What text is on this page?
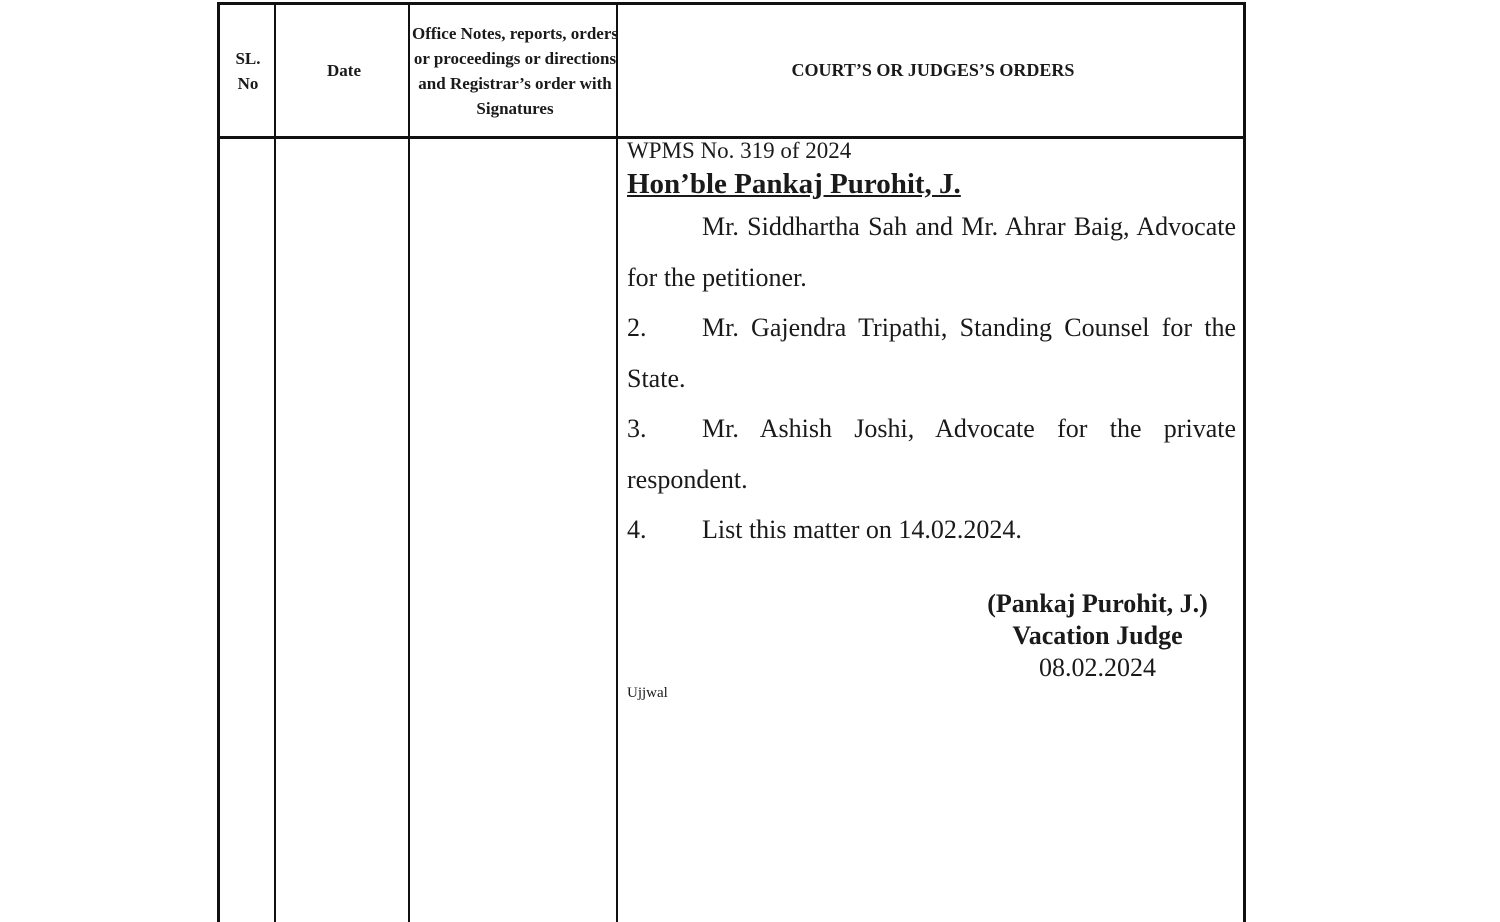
SL.
No
Date
Office Notes, reports, orders or proceedings or directions and Registrar’s order with Signatures
COURT’S OR JUDGES’S ORDERS
WPMS No. 319 of 2024
Hon’ble Pankaj Purohit, J.
Mr. Siddhartha Sah and Mr. Ahrar Baig, Advocate for the petitioner.
2. Mr. Gajendra Tripathi, Standing Counsel for the State.
3. Mr. Ashish Joshi, Advocate for the private respondent.
4. List this matter on 14.02.2024.
(Pankaj Purohit, J.)
Vacation Judge
08.02.2024
Ujjwal
